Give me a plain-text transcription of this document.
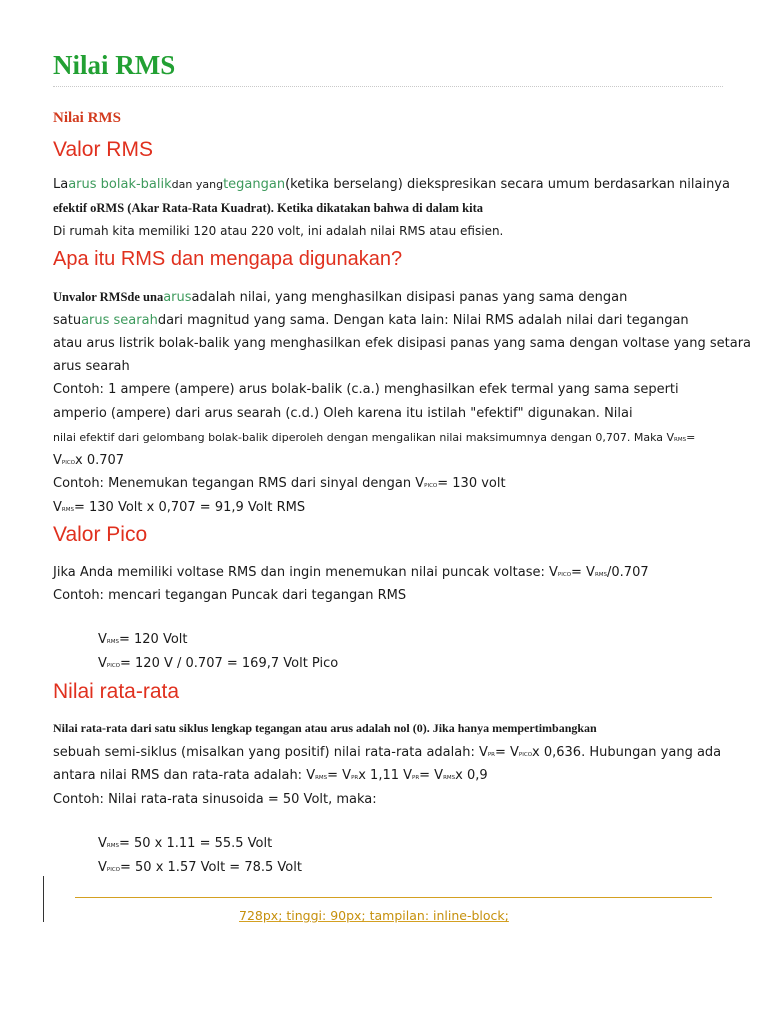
Nilai RMS
Nilai RMS
Valor RMS
Laarus bolak-balikdan yangtegangan(ketika berselang) diekspresikan secara umum berdasarkan nilainya
efektif oRMS (Akar Rata-Rata Kuadrat). Ketika dikatakan bahwa di dalam kita
Di rumah kita memiliki 120 atau 220 volt, ini adalah nilai RMS atau efisien.
Apa itu RMS dan mengapa digunakan?
Unvalor RMSde unaarusadalah nilai, yang menghasilkan disipasi panas yang sama dengan
satuarus searahdari magnitud yang sama. Dengan kata lain: Nilai RMS adalah nilai dari tegangan
atau arus listrik bolak-balik yang menghasilkan efek disipasi panas yang sama dengan voltase yang setara
arus searah
Contoh: 1 ampere (ampere) arus bolak-balik (c.a.) menghasilkan efek termal yang sama seperti
amperio (ampere) dari arus searah (c.d.) Oleh karena itu istilah "efektif" digunakan. Nilai
nilai efektif dari gelombang bolak-balik diperoleh dengan mengalikan nilai maksimumnya dengan 0,707. Maka VRMS=
VPICOx 0.707
Contoh: Menemukan tegangan RMS dari sinyal dengan VPICO= 130 volt
VRMS= 130 Volt x 0,707 = 91,9 Volt RMS
Valor Pico
Jika Anda memiliki voltase RMS dan ingin menemukan nilai puncak voltase: VPICO= VRMS/0.707
Contoh: mencari tegangan Puncak dari tegangan RMS
VRMS= 120 Volt
VPICO= 120 V / 0.707 = 169,7 Volt Pico
Nilai rata-rata
Nilai rata-rata dari satu siklus lengkap tegangan atau arus adalah nol (0). Jika hanya mempertimbangkan
sebuah semi-siklus (misalkan yang positif) nilai rata-rata adalah: VPR= VPICOx 0,636. Hubungan yang ada
antara nilai RMS dan rata-rata adalah: VRMS= VPRx 1,11 VPR= VRMSx 0,9
Contoh: Nilai rata-rata sinusoida = 50 Volt, maka:
VRMS= 50 x 1.11 = 55.5 Volt
VPICO= 50 x 1.57 Volt = 78.5 Volt
728px; tinggi: 90px; tampilan: inline-block;
